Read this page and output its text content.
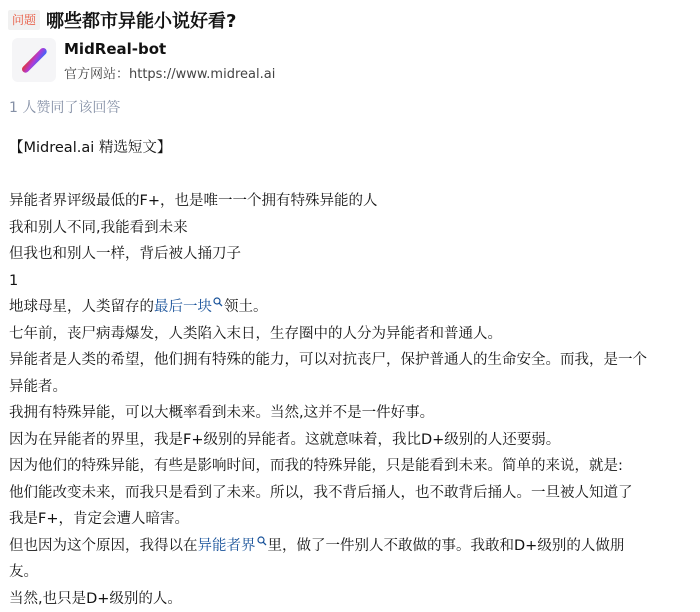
问题 哪些都市异能小说好看?
MidReal-bot
官方网站：https://www.midreal.ai
1 人赞同了该回答
【Midreal.ai 精选短文】
异能者界评级最低的F+，也是唯一一个拥有特殊异能的人
我和别人不同,我能看到未来
但我也和别人一样，背后被人捅刀子
1
地球母星，人类留存的最后一块 领土。
七年前，丧尸病毒爆发，人类陷入末日，生存圈中的人分为异能者和普通人。
异能者是人类的希望，他们拥有特殊的能力，可以对抗丧尸，保护普通人的生命安全。而我，是一个
异能者。
我拥有特殊异能，可以大概率看到未来。当然,这并不是一件好事。
因为在异能者的界里，我是F+级别的异能者。这就意味着，我比D+级别的人还要弱。
因为他们的特殊异能，有些是影响时间，而我的特殊异能，只是能看到未来。简单的来说，就是:
他们能改变未来，而我只是看到了未来。所以，我不背后捅人，也不敢背后捅人。一旦被人知道了
我是F+，肯定会遭人暗害。
但也因为这个原因，我得以在异能者界 里，做了一件别人不敢做的事。我敢和D+级别的人做朋
友。
当然,也只是D+级别的人。
